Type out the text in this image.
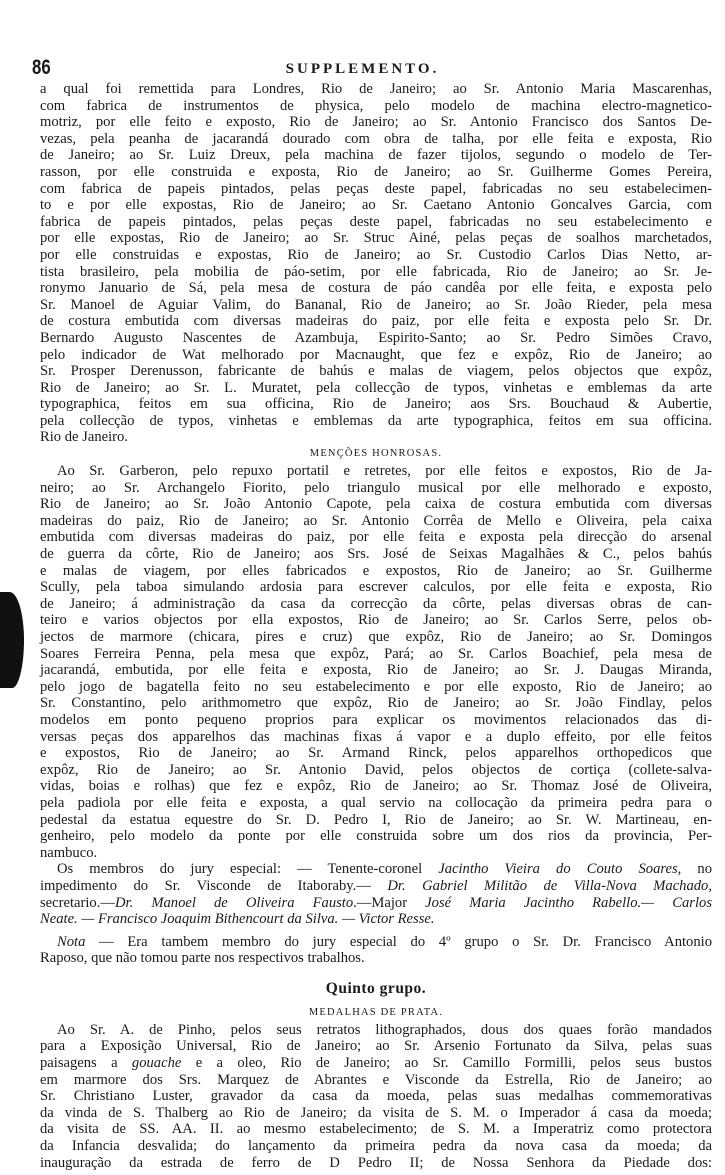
86	SUPPLEMENTO.
a qual foi remettida para Londres, Rio de Janeiro; ao Sr. Antonio Maria Mascarenhas,
com fabrica de instrumentos de physica, pelo modelo de machina electro-magnetico-
motriz, por elle feito e exposto, Rio de Janeiro; ao Sr. Antonio Francisco dos Santos De-
vezas, pela peanha de jacarandá dourado com obra de talha, por elle feita e exposta, Rio
de Janeiro; ao Sr. Luiz Dreux, pela machina de fazer tijolos, segundo o modelo de Ter-
rasson, por elle construida e exposta, Rio de Janeiro; ao Sr. Guilherme Gomes Pereira,
com fabrica de papeis pintados, pelas peças deste papel, fabricadas no seu estabelecimen-
to e por elle expostas, Rio de Janeiro; ao Sr. Caetano Antonio Goncalves Garcia, com
fabrica de papeis pintados, pelas peças deste papel, fabricadas no seu estabelecimento e
por elle expostas, Rio de Janeiro; ao Sr. Struc Ainé, pelas peças de soalhos marchetados,
por elle construidas e expostas, Rio de Janeiro; ao Sr. Custodio Carlos Dias Netto, ar-
tista brasileiro, pela mobilia de páo-setim, por elle fabricada, Rio de Janeiro; ao Sr. Je-
ronymo Januario de Sá, pela mesa de costura de páo candêa por elle feita, e exposta pelo
Sr. Manoel de Aguiar Valim, do Bananal, Rio de Janeiro; ao Sr. João Rieder, pela mesa
de costura embutida com diversas madeiras do paiz, por elle feita e exposta pelo Sr. Dr.
Bernardo Augusto Nascentes de Azambuja, Espirito-Santo; ao Sr. Pedro Simões Cravo,
pelo indicador de Wat melhorado por Macnaught, que fez e expôz, Rio de Janeiro; ao
Sr. Prosper Derenusson, fabricante de bahús e malas de viagem, pelos objectos que expôz,
Rio de Janeiro; ao Sr. L. Muratet, pela collecção de typos, vinhetas e emblemas da arte
typographica, feitos em sua officina, Rio de Janeiro; aos Srs. Bouchaud & Aubertie,
pela collecção de typos, vinhetas e emblemas da arte typographica, feitos em sua officina.
Rio de Janeiro.
MENÇÕES HONROSAS.
Ao Sr. Garberon, pelo repuxo portatil e retretes, por elle feitos e expostos, Rio de Ja-
neiro; ao Sr. Archangelo Fiorito, pelo triangulo musical por elle melhorado e exposto,
Rio de Janeiro; ao Sr. João Antonio Capote, pela caixa de costura embutida com diversas
madeiras do paiz, Rio de Janeiro; ao Sr. Antonio Corrêa de Mello e Oliveira, pela caixa
embutida com diversas madeiras do paiz, por elle feita e exposta pela direcção do arsenal
de guerra da côrte, Rio de Janeiro; aos Srs. José de Seixas Magalhães & C., pelos bahús
e malas de viagem, por elles fabricados e expostos, Rio de Janeiro; ao Sr. Guilherme
Scully, pela taboa simulando ardosia para escrever calculos, por elle feita e exposta, Rio
de Janeiro; á administração da casa da correcção da côrte, pelas diversas obras de can-
teiro e varios objectos por ella expostos, Rio de Janeiro; ao Sr. Carlos Serre, pelos ob-
jectos de marmore (chicara, pires e cruz) que expôz, Rio de Janeiro; ao Sr. Domingos
Soares Ferreira Penna, pela mesa que expôz, Pará; ao Sr. Carlos Boachief, pela mesa de
jacarandá, embutida, por elle feita e exposta, Rio de Janeiro; ao Sr. J. Daugas Miranda,
pelo jogo de bagatella feito no seu estabelecimento e por elle exposto, Rio de Janeiro; ao
Sr. Constantino, pelo arithmometro que expôz, Rio de Janeiro; ao Sr. João Findlay, pelos
modelos em ponto pequeno proprios para explicar os movimentos relacionados das di-
versas peças dos apparelhos das machinas fixas á vapor e a duplo effeito, por elle feitos
e expostos, Rio de Janeiro; ao Sr. Armand Rinck, pelos apparelhos orthopedicos que
expôz, Rio de Janeiro; ao Sr. Antonio David, pelos objectos de cortiça (collete-salva-
vidas, boias e rolhas) que fez e expôz, Rio de Janeiro; ao Sr. Thomaz José de Oliveira,
pela padiola por elle feita e exposta, a qual servio na collocação da primeira pedra para o
pedestal da estatua equestre do Sr. D. Pedro I, Rio de Janeiro; ao Sr. W. Martineau, en-
genheiro, pelo modelo da ponte por elle construida sobre um dos rios da provincia, Per-
nambuco.
Os membros do jury especial: — Tenente-coronel Jacintho Vieira do Couto Soares, no
impedimento do Sr. Visconde de Itaboraby.— Dr. Gabriel Militão de Villa-Nova Machado,
secretario.—Dr. Manoel de Oliveira Fausto.—Major José Maria Jacintho Rabello.— Carlos
Neate. — Francisco Joaquim Bithencourt da Silva. — Victor Resse.
Nota — Era tambem membro do jury especial do 4º grupo o Sr. Dr. Francisco Antonio
Raposo, que não tomou parte nos respectivos trabalhos.
Quinto grupo.
MEDALHAS DE PRATA.
Ao Sr. A. de Pinho, pelos seus retratos lithographados, dous dos quaes forão mandados
para a Exposição Universal, Rio de Janeiro; ao Sr. Arsenio Fortunato da Silva, pelas suas
paisagens a gouache e a oleo, Rio de Janeiro; ao Sr. Camillo Formilli, pelos seus bustos
em marmore dos Srs. Marquez de Abrantes e Visconde da Estrella, Rio de Janeiro; ao
Sr. Christiano Luster, gravador da casa da moeda, pelas suas medalhas commemorativas
da vinda de S. Thalberg ao Rio de Janeiro; da visita de S. M. o Imperador á casa da moeda;
da visita de SS. AA. II. ao mesmo estabelecimento; de S. M. a Imperatriz como protectora
da Infancia desvalida; do lançamento da primeira pedra da nova casa da moeda; da
inauguração da estrada de ferro de D Pedro II; de Nossa Senhora da Piedade dos:
